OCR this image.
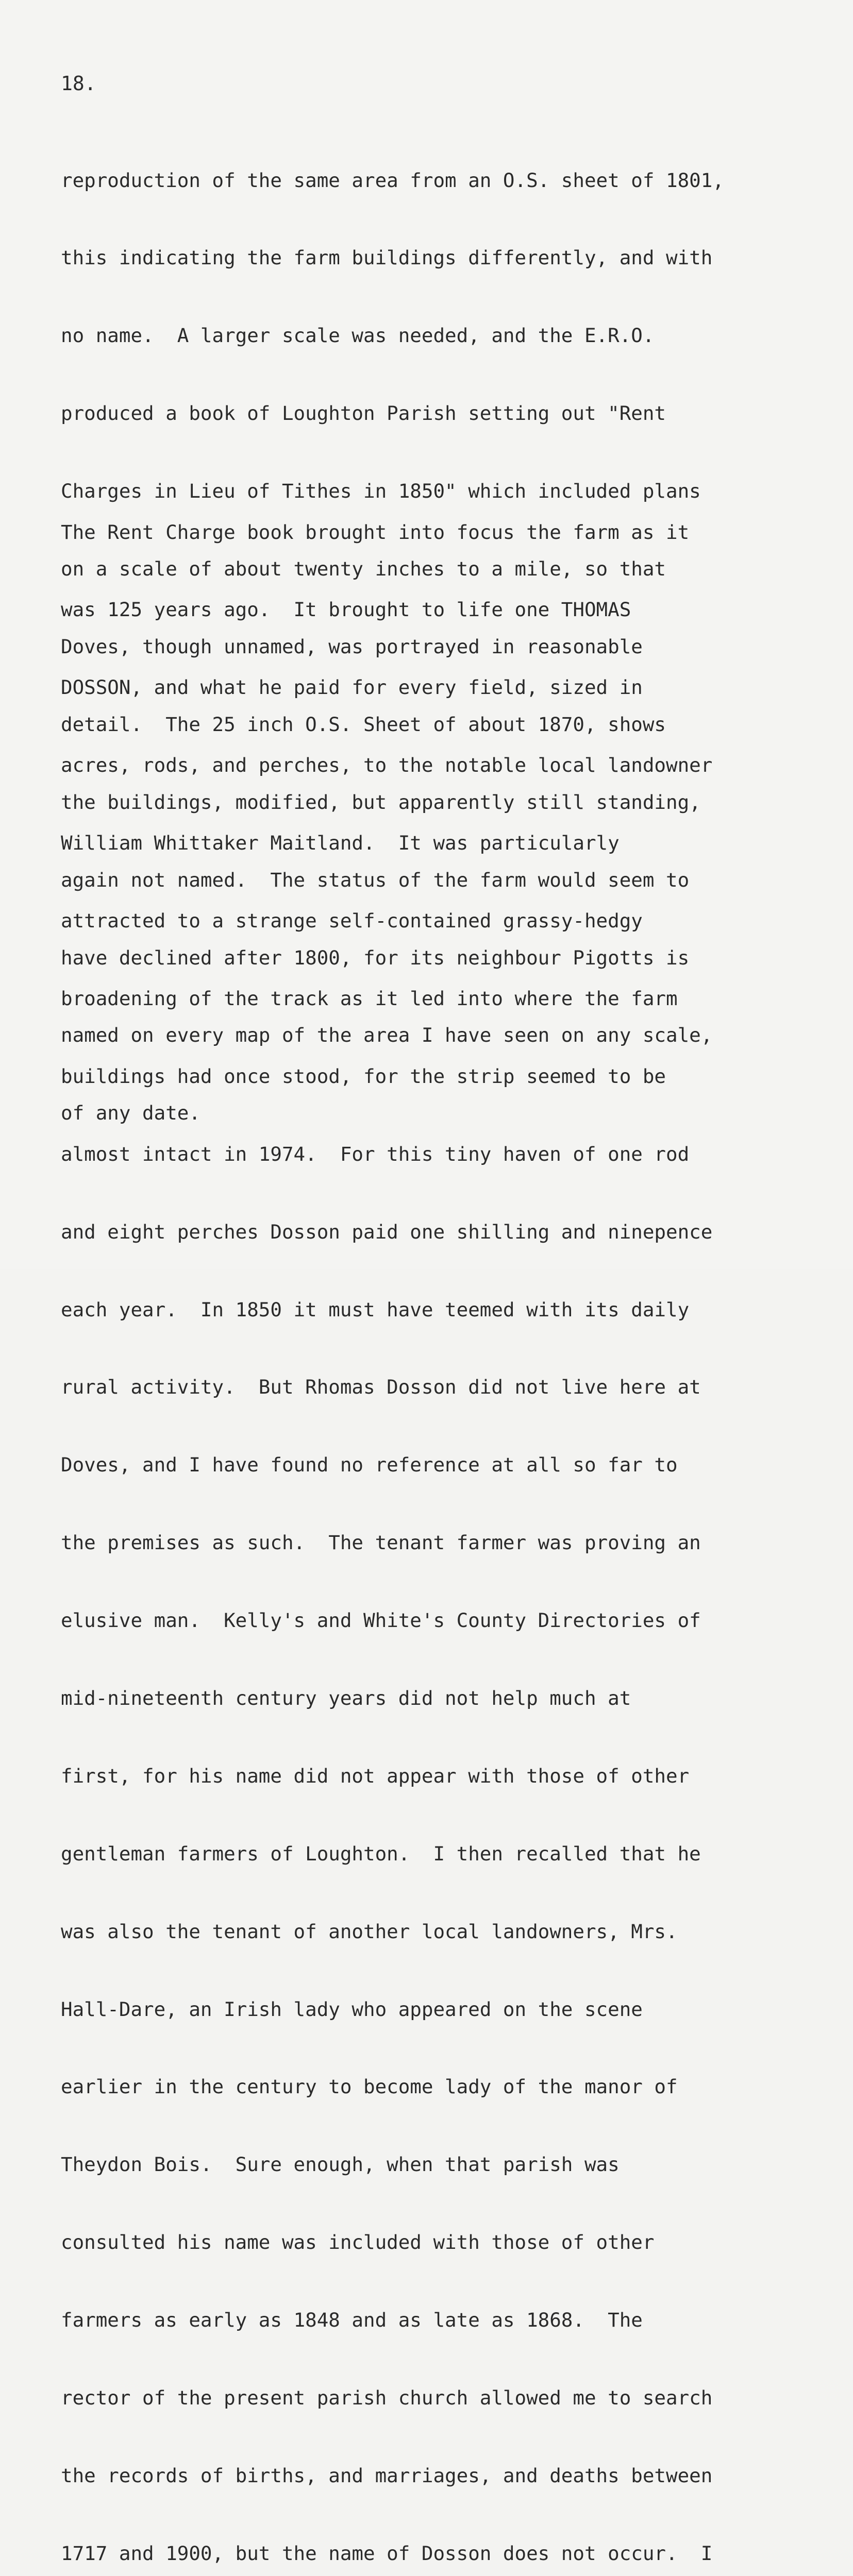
18.

reproduction of the same area from an O.S. sheet of 1801,

this indicating the farm buildings differently, and with

no name.  A larger scale was needed, and the E.R.O.

produced a book of Loughton Parish setting out "Rent

Charges in Lieu of Tithes in 1850" which included plans

on a scale of about twenty inches to a mile, so that

Doves, though unnamed, was portrayed in reasonable

detail.  The 25 inch O.S. Sheet of about 1870, shows

the buildings, modified, but apparently still standing,

again not named.  The status of the farm would seem to

have declined after 1800, for its neighbour Pigotts is

named on every map of the area I have seen on any scale,

of any date.

The Rent Charge book brought into focus the farm as it

was 125 years ago.  It brought to life one THOMAS

DOSSON, and what he paid for every field, sized in

acres, rods, and perches, to the notable local landowner

William Whittaker Maitland.  It was particularly

attracted to a strange self-contained grassy-hedgy

broadening of the track as it led into where the farm

buildings had once stood, for the strip seemed to be

almost intact in 1974.  For this tiny haven of one rod

and eight perches Dosson paid one shilling and ninepence

each year.  In 1850 it must have teemed with its daily

rural activity.  But Rhomas Dosson did not live here at

Doves, and I have found no reference at all so far to

the premises as such.  The tenant farmer was proving an

elusive man.  Kelly's and White's County Directories of

mid-nineteenth century years did not help much at

first, for his name did not appear with those of other

gentleman farmers of Loughton.  I then recalled that he

was also the tenant of another local landowners, Mrs.

Hall-Dare, an Irish lady who appeared on the scene

earlier in the century to become lady of the manor of

Theydon Bois.  Sure enough, when that parish was

consulted his name was included with those of other

farmers as early as 1848 and as late as 1868.  The

rector of the present parish church allowed me to search

the records of births, and marriages, and deaths between

1717 and 1900, but the name of Dosson does not occur.  I
